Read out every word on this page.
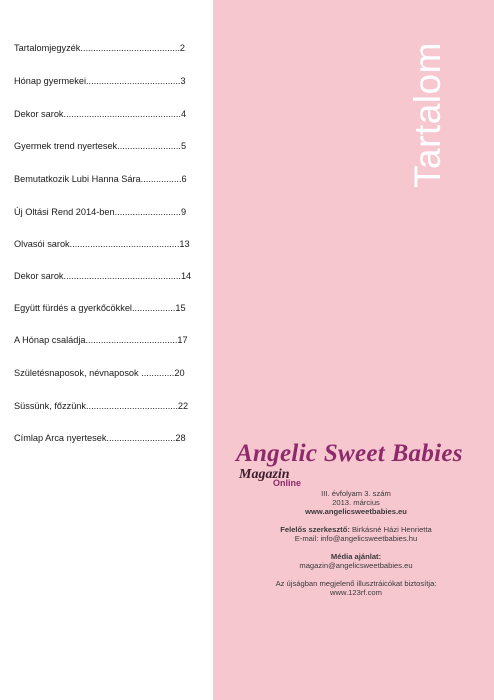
Tartalomjegyzék.......................................2
Hónap gyermekei.....................................3
Dekor sarok..............................................4
Gyermek trend nyertesek.........................5
Bemutatkozik Lubi Hanna Sára................6
Új Oltási Rend 2014-ben..........................9
Olvasói sarok...........................................13
Dekor sarok..............................................14
Együtt fürdés a gyerkőcökkel.................15
A Hónap családja....................................17
Születésnaposok, névnaposok .............20
Süssünk, főzzünk....................................22
Címlap Arca nyertesek...........................28
Tartalom
Angelic Sweet Babies
Magazin
Online
III. évfolyam 3. szám
2013. március
www.angelicsweetbabies.eu
Felelős szerkesztő: Birkásné Házi Henrietta
E-mail: info@angelicsweetbabies.hu
Média ajánlat:
magazin@angelicsweetbabies.eu
Az újságban megjelenő illusztráicókat biztosítja:
www.123rf.com
